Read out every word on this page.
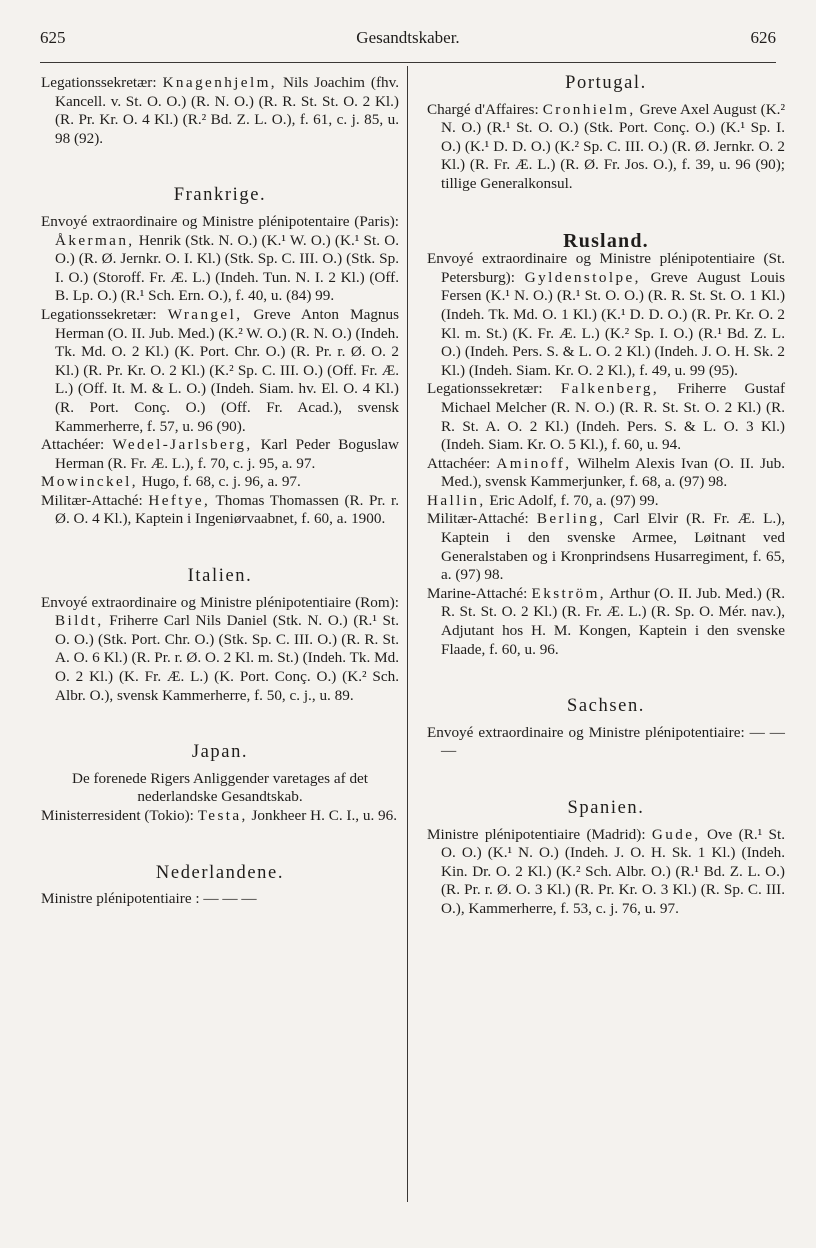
625	Gesandtskaber.	626

Legationssekretær: Knagenhjelm, Nils Joachim (fhv. Kancell. v. St. O. O.) (R. N. O.) (R. R. St. St. O. 2 Kl.) (R. Pr. Kr. O. 4 Kl.) (R.² Bd. Z. L. O.), f. 61, c. j. 85, u. 98 (92).

Frankrige.

Envoyé extraordinaire og Ministre plénipotentaire (Paris): Åkerman, Henrik (Stk. N. O.) (K.¹ W. O.) (K.¹ St. O. O.) (R. Ø. Jernkr. O. I. Kl.) (Stk. Sp. C. III. O.) (Stk. Sp. I. O.) (Storoff. Fr. Æ. L.) (Indeh. Tun. N. I. 2 Kl.) (Off. B. Lp. O.) (R.¹ Sch. Ern. O.), f. 40, u. (84) 99.

Legationssekretær: Wrangel, Greve Anton Magnus Herman (O. II. Jub. Med.) (K.² W. O.) (R. N. O.) (Indeh. Tk. Md. O. 2 Kl.) (K. Port. Chr. O.) (R. Pr. r. Ø. O. 2 Kl.) (R. Pr. Kr. O. 2 Kl.) (K.² Sp. C. III. O.) (Off. Fr. Æ. L.) (Off. It. M. & L. O.) (Indeh. Siam. hv. El. O. 4 Kl.) (R. Port. Conç. O.) (Off. Fr. Acad.), svensk Kammerherre, f. 57, u. 96 (90).

Attachéer: Wedel-Jarlsberg, Karl Peder Boguslaw Herman (R. Fr. Æ. L.), f. 70, c. j. 95, a. 97.

Mowinckel, Hugo, f. 68, c. j. 96, a. 97.

Militær-Attaché: Heftye, Thomas Thomassen (R. Pr. r. Ø. O. 4 Kl.), Kaptein i Ingeniørvaabnet, f. 60, a. 1900.

Italien.

Envoyé extraordinaire og Ministre plénipotentiaire (Rom): Bildt, Friherre Carl Nils Daniel (Stk. N. O.) (R.¹ St. O. O.) (Stk. Port. Chr. O.) (Stk. Sp. C. III. O.) (R. R. St. A. O. 6 Kl.) (R. Pr. r. Ø. O. 2 Kl. m. St.) (Indeh. Tk. Md. O. 2 Kl.) (K. Fr. Æ. L.) (K. Port. Conç. O.) (K.² Sch. Albr. O.), svensk Kammerherre, f. 50, c. j., u. 89.

Japan.

De forenede Rigers Anliggender varetages af det nederlandske Gesandtskab.

Ministerresident (Tokio): Testa, Jonkheer H. C. I., u. 96.

Nederlandene.

Ministre plénipotentiaire : — — —

Portugal.

Chargé d'Affaires: Cronhielm, Greve Axel August (K.² N. O.) (R.¹ St. O. O.) (Stk. Port. Conç. O.) (K.¹ Sp. I. O.) (K.¹ D. D. O.) (K.² Sp. C. III. O.) (R. Ø. Jernkr. O. 2 Kl.) (R. Fr. Æ. L.) (R. Ø. Fr. Jos. O.), f. 39, u. 96 (90); tillige Generalkonsul.

Rusland.

Envoyé extraordinaire og Ministre plénipotentiaire (St. Petersburg): Gyldenstolpe, Greve August Louis Fersen (K.¹ N. O.) (R.¹ St. O. O.) (R. R. St. St. O. 1 Kl.) (Indeh. Tk. Md. O. 1 Kl.) (K.¹ D. D. O.) (R. Pr. Kr. O. 2 Kl. m. St.) (K. Fr. Æ. L.) (K.² Sp. I. O.) (R.¹ Bd. Z. L. O.) (Indeh. Pers. S. & L. O. 2 Kl.) (Indeh. J. O. H. Sk. 2 Kl.) (Indeh. Siam. Kr. O. 2 Kl.), f. 49, u. 99 (95).

Legationssekretær: Falkenberg, Friherre Gustaf Michael Melcher (R. N. O.) (R. R. St. St. O. 2 Kl.) (R. R. St. A. O. 2 Kl.) (Indeh. Pers. S. & L. O. 3 Kl.) (Indeh. Siam. Kr. O. 5 Kl.), f. 60, u. 94.

Attachéer: Aminoff, Wilhelm Alexis Ivan (O. II. Jub. Med.), svensk Kammerjunker, f. 68, a. (97) 98.

Hallin, Eric Adolf, f. 70, a. (97) 99.

Militær-Attaché: Berling, Carl Elvir (R. Fr. Æ. L.), Kaptein i den svenske Armee, Løitnant ved Generalstaben og i Kronprindsens Husarregiment, f. 65, a. (97) 98.

Marine-Attaché: Ekström, Arthur (O. II. Jub. Med.) (R. R. St. St. O. 2 Kl.) (R. Fr. Æ. L.) (R. Sp. O. Mér. nav.), Adjutant hos H. M. Kongen, Kaptein i den svenske Flaade, f. 60, u. 96.

Sachsen.

Envoyé extraordinaire og Ministre plénipotentiaire: — — —

Spanien.

Ministre plénipotentiaire (Madrid): Gude, Ove (R.¹ St. O. O.) (K.¹ N. O.) (Indeh. J. O. H. Sk. 1 Kl.) (Indeh. Kin. Dr. O. 2 Kl.) (K.² Sch. Albr. O.) (R.¹ Bd. Z. L. O.) (R. Pr. r. Ø. O. 3 Kl.) (R. Pr. Kr. O. 3 Kl.) (R. Sp. C. III. O.), Kammerherre, f. 53, c. j. 76, u. 97.
